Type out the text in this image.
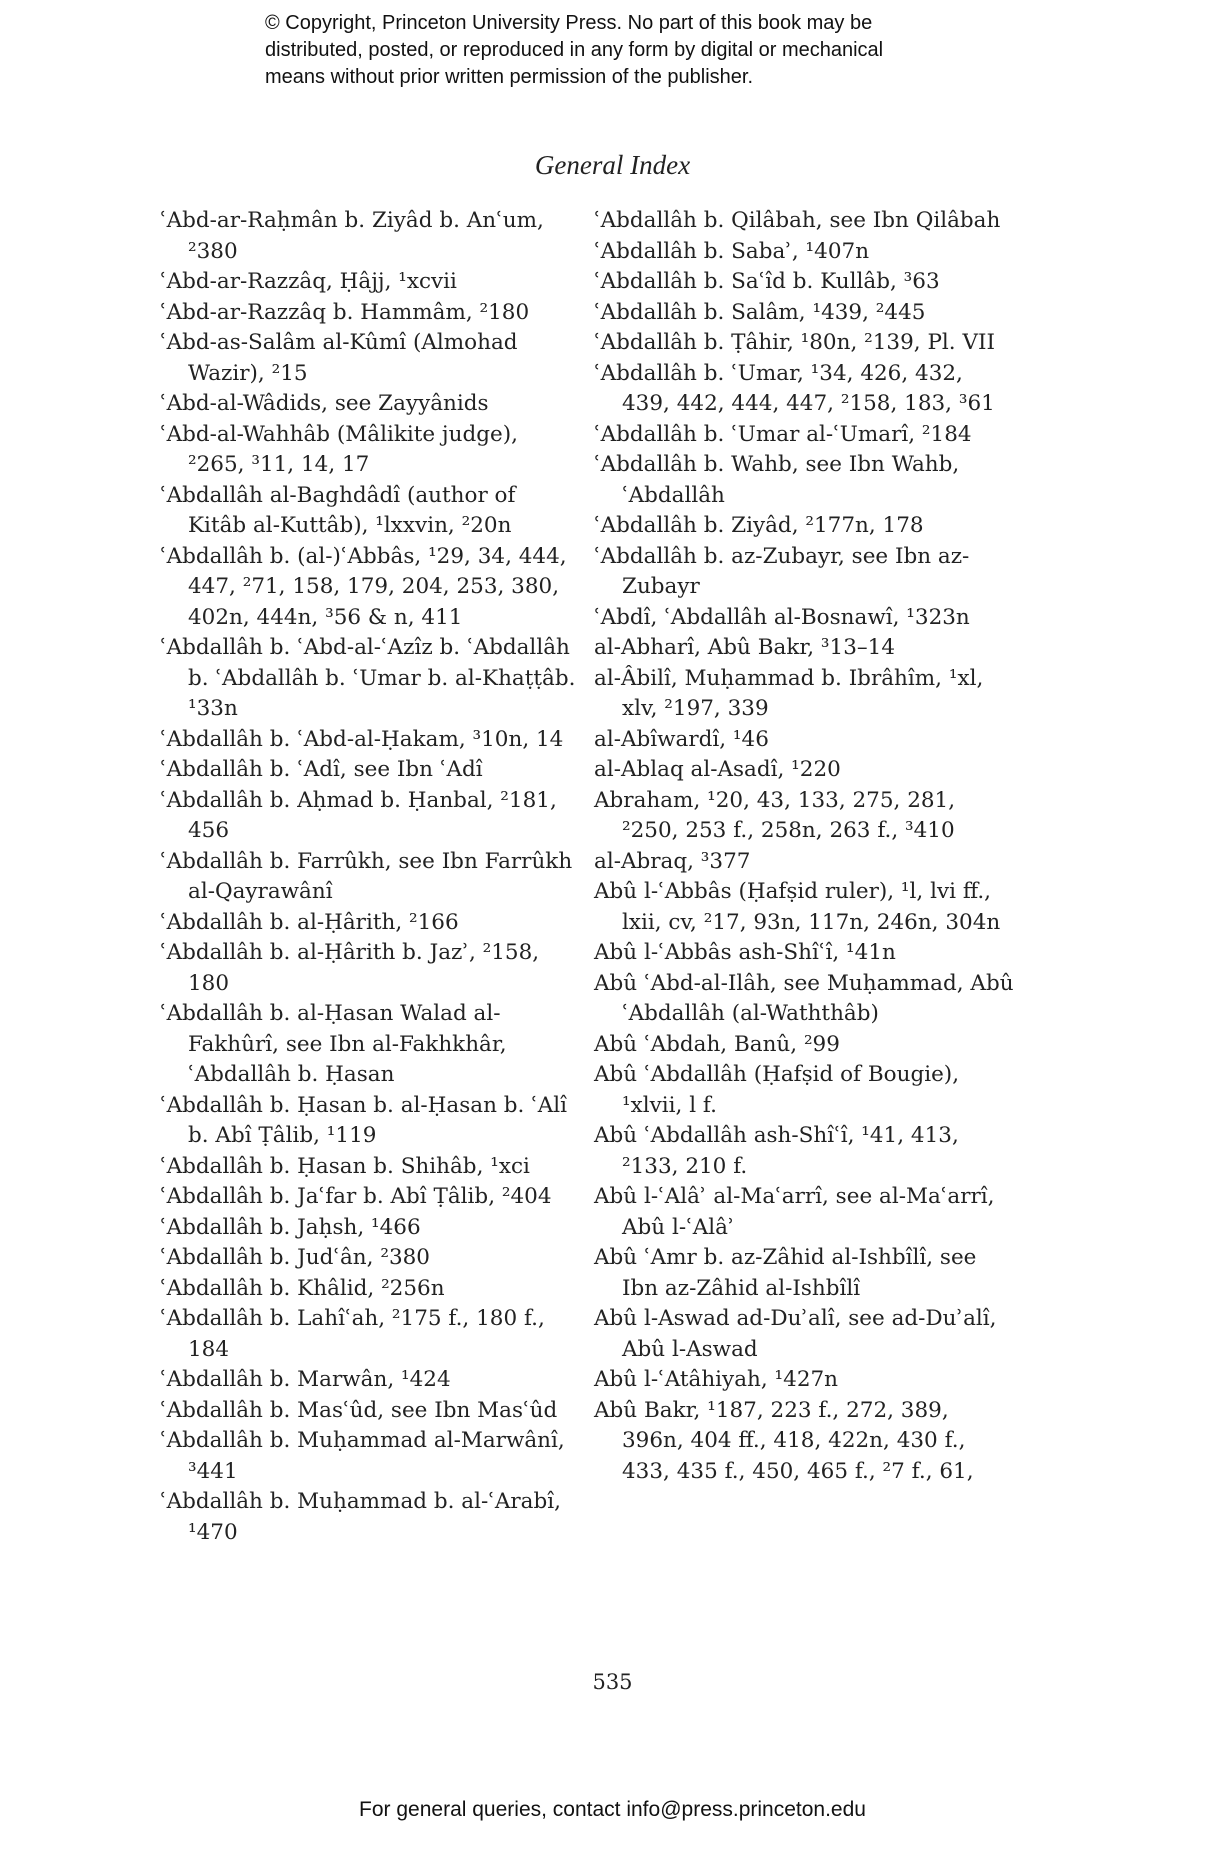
© Copyright, Princeton University Press. No part of this book may be
distributed, posted, or reproduced in any form by digital or mechanical
means without prior written permission of the publisher.
General Index

ʿAbd-ar-Raḥmân b. Ziyâd b. Anʿum, ²380

ʿAbd-ar-Razzâq, Ḥâjj, ¹xcvii

ʿAbd-ar-Razzâq b. Hammâm, ²180

ʿAbd-as-Salâm al-Kûmî (Almohad Wazir), ²15

ʿAbd-al-Wâdids, see Zayyânids

ʿAbd-al-Wahhâb (Mâlikite judge), ²265, ³11, 14, 17

ʿAbdallâh al-Baghdâdî (author of Kitâb al-Kuttâb), ¹lxxvin, ²20n

ʿAbdallâh b. (al-)ʿAbbâs, ¹29, 34, 444, 447, ²71, 158, 179, 204, 253, 380, 402n, 444n, ³56 & n, 411

ʿAbdallâh b. ʿAbd-al-ʿAzîz b. ʿAbdallâh b. ʿAbdallâh b. ʿUmar b. al-Khaṭṭâb. ¹33n

ʿAbdallâh b. ʿAbd-al-Ḥakam, ³10n, 14

ʿAbdallâh b. ʿAdî, see Ibn ʿAdî

ʿAbdallâh b. Aḥmad b. Ḥanbal, ²181, 456

ʿAbdallâh b. Farrûkh, see Ibn Farrûkh al-Qayrawânî

ʿAbdallâh b. al-Ḥârith, ²166

ʿAbdallâh b. al-Ḥârith b. Jazʾ, ²158, 180

ʿAbdallâh b. al-Ḥasan Walad al-Fakhûrî, see Ibn al-Fakhkhâr, ʿAbdallâh b. Ḥasan

ʿAbdallâh b. Ḥasan b. al-Ḥasan b. ʿAlî b. Abî Ṭâlib, ¹119

ʿAbdallâh b. Ḥasan b. Shihâb, ¹xci

ʿAbdallâh b. Jaʿfar b. Abî Ṭâlib, ²404

ʿAbdallâh b. Jaḥsh, ¹466

ʿAbdallâh b. Judʿân, ²380

ʿAbdallâh b. Khâlid, ²256n

ʿAbdallâh b. Lahîʿah, ²175 f., 180 f., 184

ʿAbdallâh b. Marwân, ¹424

ʿAbdallâh b. Masʿûd, see Ibn Masʿûd

ʿAbdallâh b. Muḥammad al-Marwânî, ³441

ʿAbdallâh b. Muḥammad b. al-ʿArabî, ¹470

ʿAbdallâh b. Qilâbah, see Ibn Qilâbah

ʿAbdallâh b. Sabaʾ, ¹407n

ʿAbdallâh b. Saʿîd b. Kullâb, ³63

ʿAbdallâh b. Salâm, ¹439, ²445

ʿAbdallâh b. Ṭâhir, ¹80n, ²139, Pl. VII

ʿAbdallâh b. ʿUmar, ¹34, 426, 432, 439, 442, 444, 447, ²158, 183, ³61

ʿAbdallâh b. ʿUmar al-ʿUmarî, ²184

ʿAbdallâh b. Wahb, see Ibn Wahb, ʿAbdallâh

ʿAbdallâh b. Ziyâd, ²177n, 178

ʿAbdallâh b. az-Zubayr, see Ibn az-Zubayr

ʿAbdî, ʿAbdallâh al-Bosnawî, ¹323n

al-Abharî, Abû Bakr, ³13–14

al-Âbilî, Muḥammad b. Ibrâhîm, ¹xl, xlv, ²197, 339

al-Abîwardî, ¹46

al-Ablaq al-Asadî, ¹220

Abraham, ¹20, 43, 133, 275, 281, ²250, 253 f., 258n, 263 f., ³410

al-Abraq, ³377

Abû l-ʿAbbâs (Ḥafṣid ruler), ¹l, lvi ff., lxii, cv, ²17, 93n, 117n, 246n, 304n

Abû l-ʿAbbâs ash-Shîʿî, ¹41n

Abû ʿAbd-al-Ilâh, see Muḥammad, Abû ʿAbdallâh (al-Waththâb)

Abû ʿAbdah, Banû, ²99

Abû ʿAbdallâh (Ḥafṣid of Bougie), ¹xlvii, l f.

Abû ʿAbdallâh ash-Shîʿî, ¹41, 413, ²133, 210 f.

Abû l-ʿAlâʾ al-Maʿarrî, see al-Maʿarrî, Abû l-ʿAlâʾ

Abû ʿAmr b. az-Zâhid al-Ishbîlî, see Ibn az-Zâhid al-Ishbîlî

Abû l-Aswad ad-Duʾalî, see ad-Duʾalî, Abû l-Aswad

Abû l-ʿAtâhiyah, ¹427n

Abû Bakr, ¹187, 223 f., 272, 389, 396n, 404 ff., 418, 422n, 430 f., 433, 435 f., 450, 465 f., ²7 f., 61,

535
For general queries, contact info@press.princeton.edu
